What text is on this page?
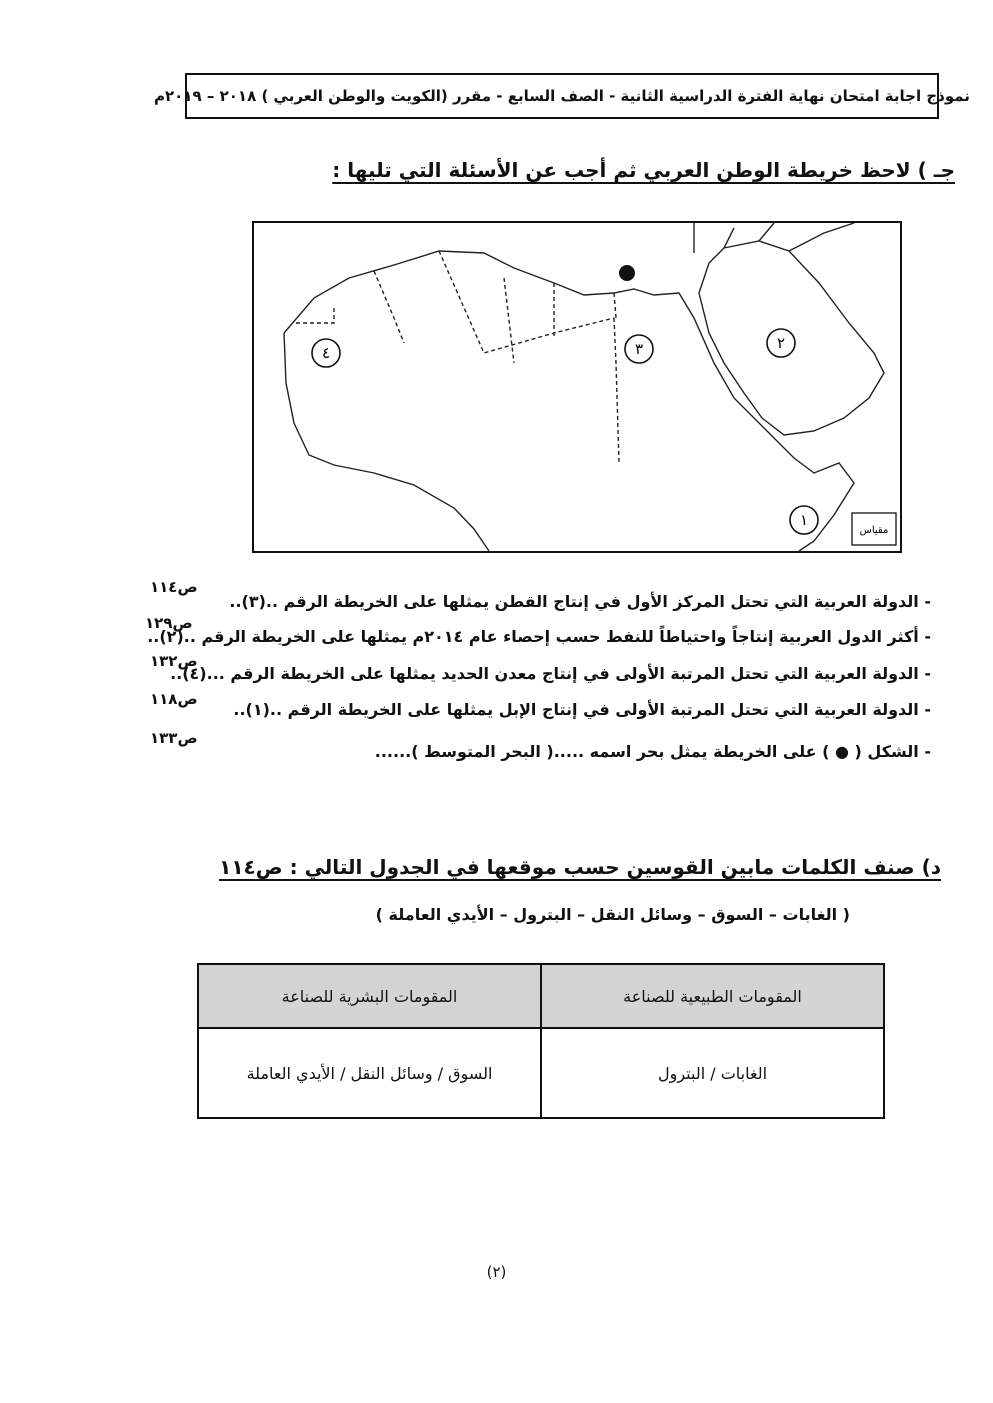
نموذج اجابة امتحان نهاية الفترة الدراسية الثانية - الصف السابع - مقرر (الكويت والوطن العربي ) ٢٠١٨ – ٢٠١٩م
جـ ) لاحظ خريطة الوطن العربي ثم أجب عن الأسئلة التي تليها :
٤	٣	٢
١
مقياس
- الدولة العربية التي تحتل المركز الأول في إنتاج القطن يمثلها على الخريطة الرقم ..(٣)..
ص١١٤
- أكثر الدول العربية إنتاجاً واحتياطاً للنفط حسب إحصاء عام ٢٠١٤م يمثلها على الخريطة الرقم ..(٢)..
ص١٢٩
- الدولة العربية التي تحتل المرتبة الأولى في إنتاج معدن الحديد يمثلها على الخريطة الرقم ...(٤)..
ص١٣٢
- الدولة العربية التي تحتل المرتبة الأولى في إنتاج الإبل يمثلها على الخريطة الرقم ..(١)..
ص١١٨
- الشكل ( ● ) على الخريطة يمثل بحر اسمه .....( البحر المتوسط )......
ص١٣٣
د) صنف الكلمات مابين القوسين حسب موقعها في الجدول التالي : ص١١٤
( الغابات – السوق – وسائل النقل – البترول – الأيدي العاملة )
المقومات الطبيعية للصناعة	المقومات البشرية للصناعة
الغابات / البترول	السوق / وسائل النقل / الأيدي العاملة
(٢)
